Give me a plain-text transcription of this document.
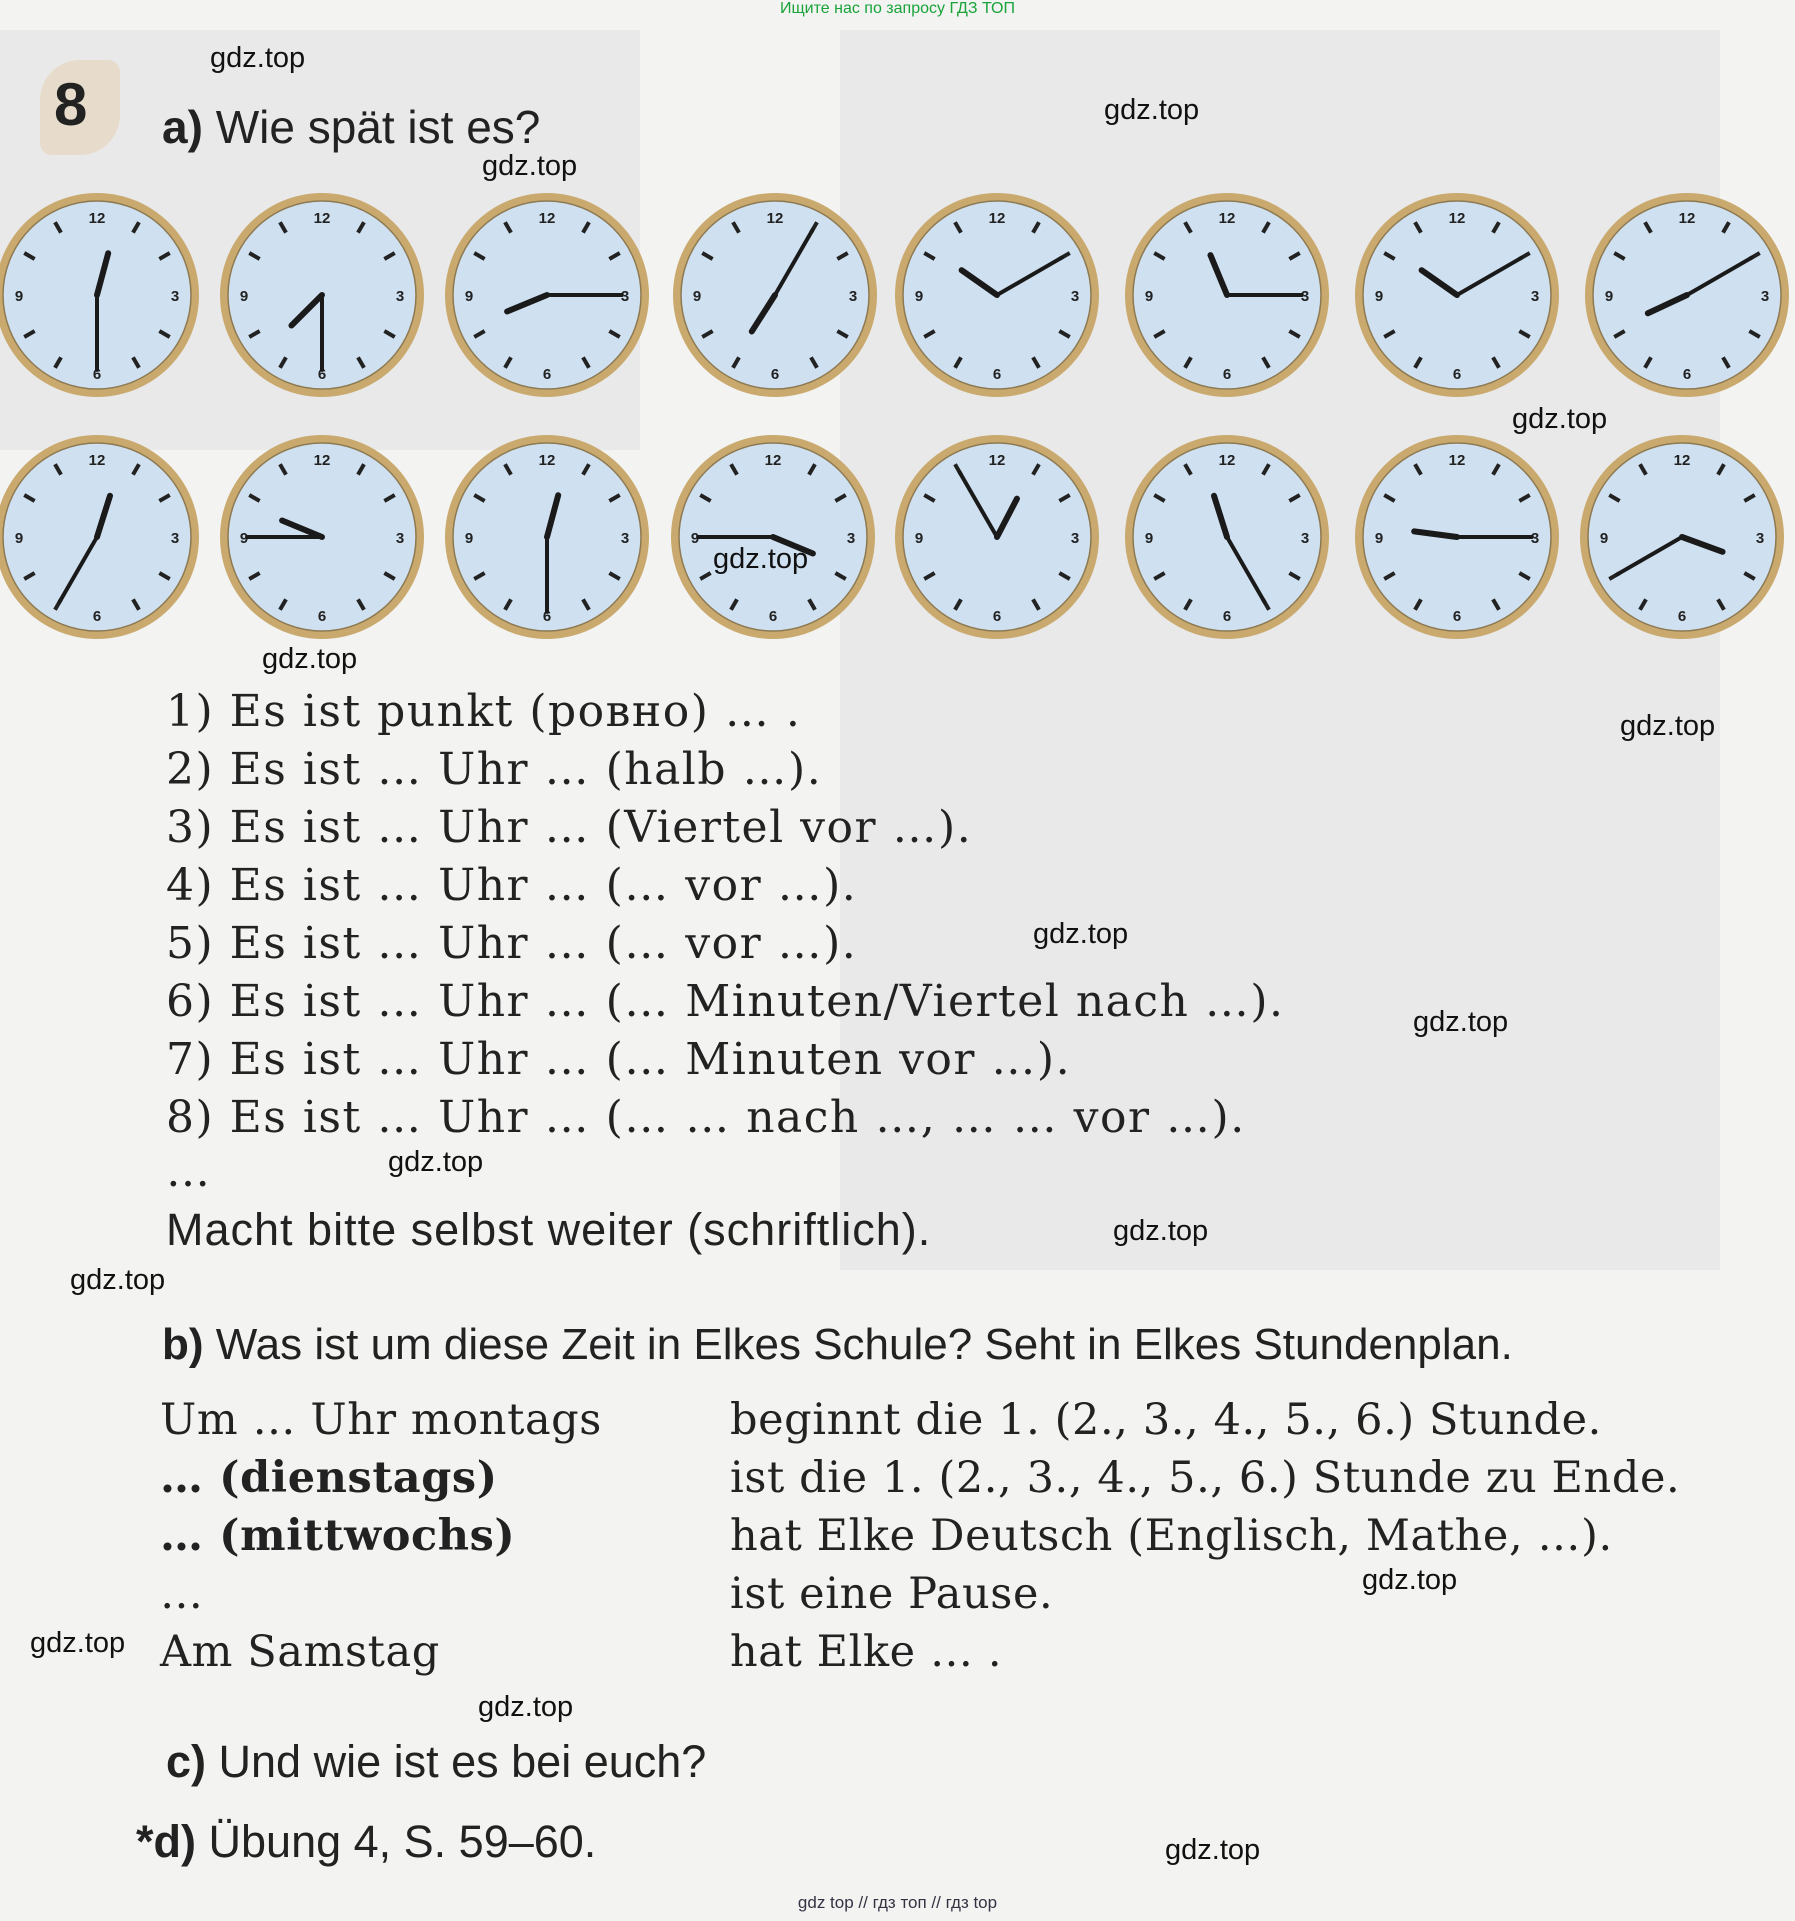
Ищите нас по запросу ГДЗ ТОП
8 a) Wie spät ist es?
12
3
6
9
12
3
6
9
12
3
6
9
12
3
6
9
12
3
6
9
12
3
6
9
12
3
6
9
12
3
6
9
12
3
6
9
12
3
6
9
12
3
6
9
12
3
6
9
12
3
6
9
12
3
6
9
12
3
6
9
12
3
6
9
1) Es ist punkt (ровно) … .
2) Es ist … Uhr … (halb …).
3) Es ist … Uhr … (Viertel vor …).
4) Es ist … Uhr … (… vor …).
5) Es ist … Uhr … (… vor …).
6) Es ist … Uhr … (… Minuten/Viertel nach …).
7) Es ist … Uhr … (… Minuten vor …).
8) Es ist … Uhr … (… … nach …, … … vor …).
…
Macht bitte selbst weiter (schriftlich).
b) Was ist um diese Zeit in Elkes Schule? Seht in Elkes Stundenplan.
Um … Uhr montags
… (dienstags)
… (mittwochs)
…
Am Samstag
beginnt die 1. (2., 3., 4., 5., 6.) Stunde.
ist die 1. (2., 3., 4., 5., 6.) Stunde zu Ende.
hat Elke Deutsch (Englisch, Mathe, …).
ist eine Pause.
hat Elke … .
c) Und wie ist es bei euch?
*d) Übung 4, S. 59–60.
gdz.top
gdz.top
gdz.top
gdz.top
gdz.top
gdz.top
gdz.top
gdz.top
gdz.top
gdz.top
gdz.top
gdz.top
gdz.top
gdz.top
gdz.top
gdz.top
gdz top // гдз топ // гдз top
